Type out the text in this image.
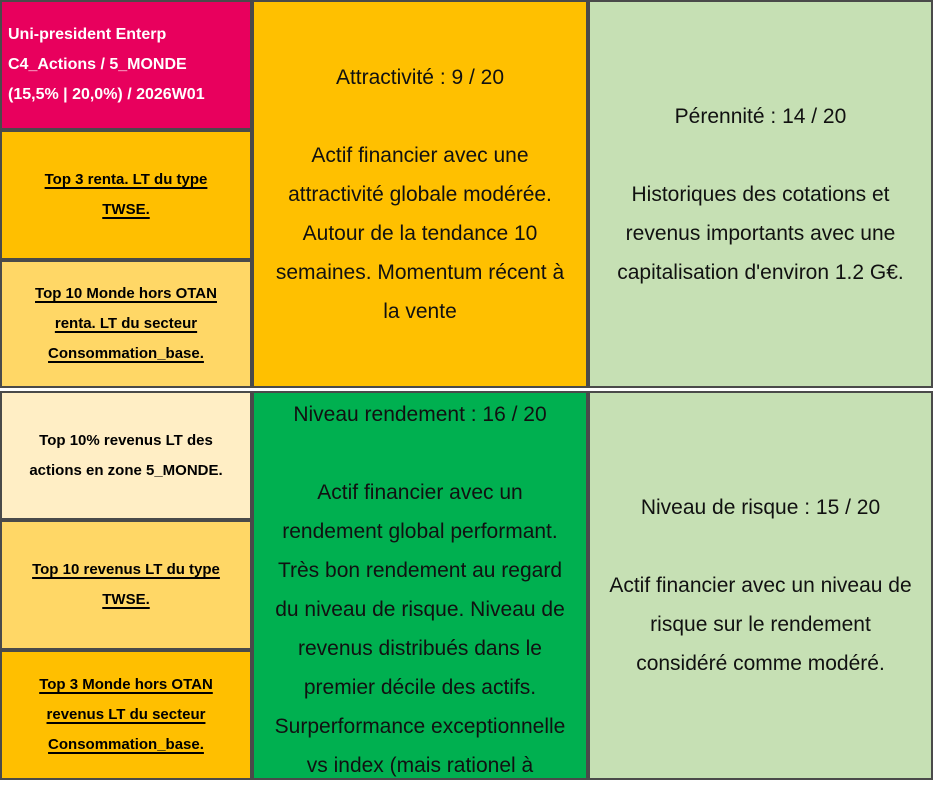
Uni-president Enterp
C4_Actions / 5_MONDE
(15,5% | 20,0%) / 2026W01
Top 3 renta. LT du type
TWSE.
Top 10 Monde hors OTAN
renta. LT du secteur
Consommation_base.
Top 10% revenus LT des
actions en zone 5_MONDE.
Top 10 revenus LT du type
TWSE.
Top 3 Monde hors OTAN
revenus LT du secteur
Consommation_base.
Attractivité : 9 / 20

Actif financier avec une
attractivité globale modérée.
Autour de la tendance 10
semaines. Momentum récent à
la vente
Niveau rendement : 16 / 20

Actif financier avec un
rendement global performant.
Très bon rendement au regard
du niveau de risque. Niveau de
revenus distribués dans le
premier décile des actifs.
Surperformance exceptionnelle
vs index (mais rationel à
Pérennité : 14 / 20

Historiques des cotations et
revenus importants avec une
capitalisation d'environ 1.2 G€.
Niveau de risque : 15 / 20

Actif financier avec un niveau de
risque sur le rendement
considéré comme modéré.
